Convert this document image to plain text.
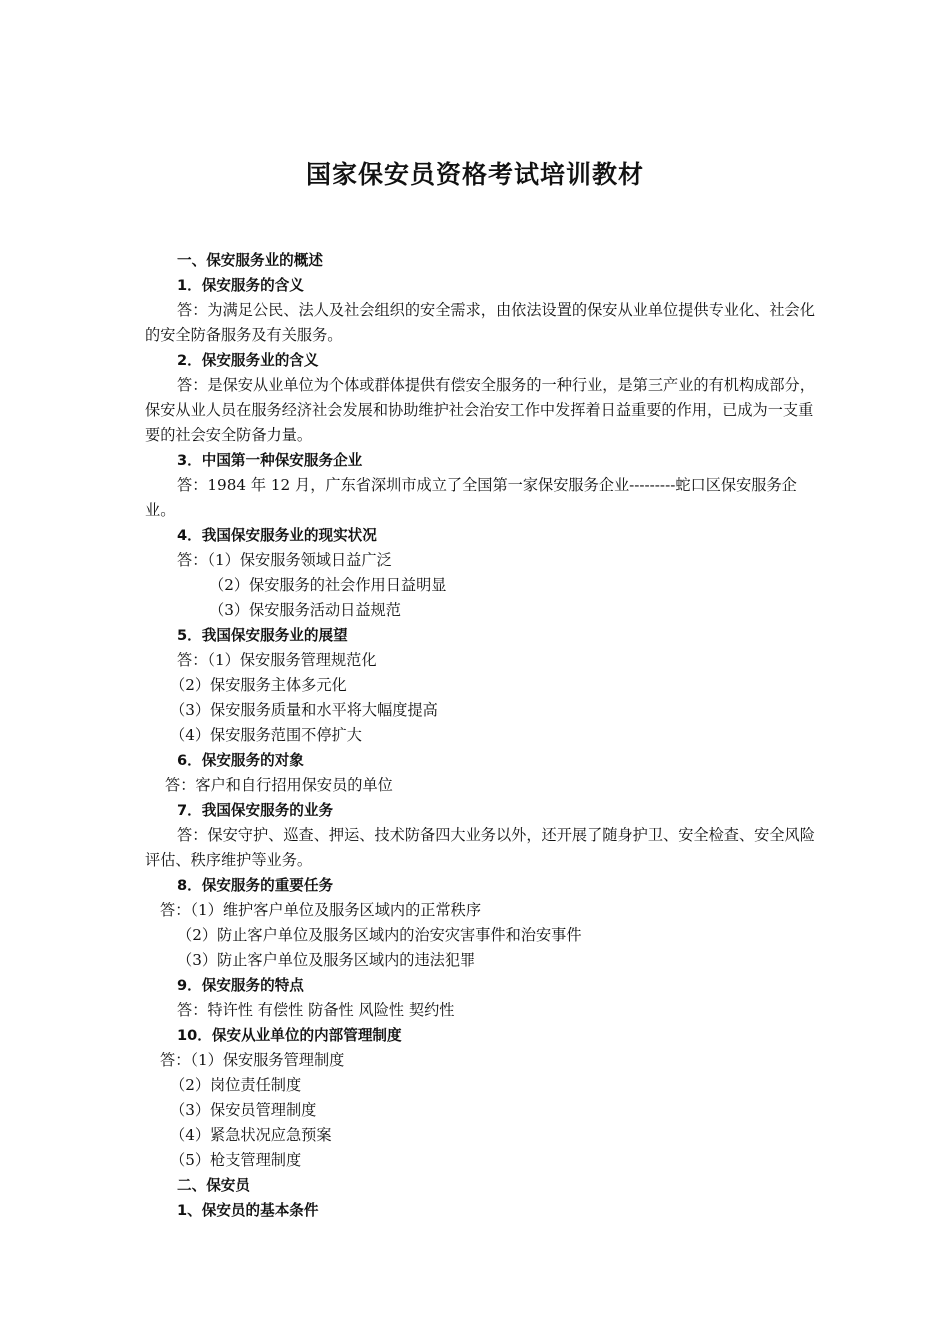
国家保安员资格考试培训教材
一、保安服务业的概述
1．保安服务的含义
答：为满足公民、法人及社会组织的安全需求，由依法设置的保安从业单位提供专业化、社会化的安全防备服务及有关服务。
2．保安服务业的含义
答：是保安从业单位为个体或群体提供有偿安全服务的一种行业，是第三产业的有机构成部分，保安从业人员在服务经济社会发展和协助维护社会治安工作中发挥着日益重要的作用，已成为一支重要的社会安全防备力量。
3．中国第一种保安服务企业
答：1984 年 12 月，广东省深圳市成立了全国第一家保安服务企业---------蛇口区保安服务企业。
4．我国保安服务业的现实状况
答：（1）保安服务领域日益广泛
（2）保安服务的社会作用日益明显
（3）保安服务活动日益规范
5．我国保安服务业的展望
答：（1）保安服务管理规范化
（2）保安服务主体多元化
（3）保安服务质量和水平将大幅度提高
（4）保安服务范围不停扩大
6．保安服务的对象
答：客户和自行招用保安员的单位
7．我国保安服务的业务
答：保安守护、巡查、押运、技术防备四大业务以外，还开展了随身护卫、安全检查、安全风险评估、秩序维护等业务。
8．保安服务的重要任务
答：（1）维护客户单位及服务区域内的正常秩序
（2）防止客户单位及服务区域内的治安灾害事件和治安事件
（3）防止客户单位及服务区域内的违法犯罪
9．保安服务的特点
答：特许性 有偿性 防备性 风险性 契约性
10．保安从业单位的内部管理制度
答：（1）保安服务管理制度
（2）岗位责任制度
（3）保安员管理制度
（4）紧急状况应急预案
（5）枪支管理制度
二、保安员
1、保安员的基本条件
